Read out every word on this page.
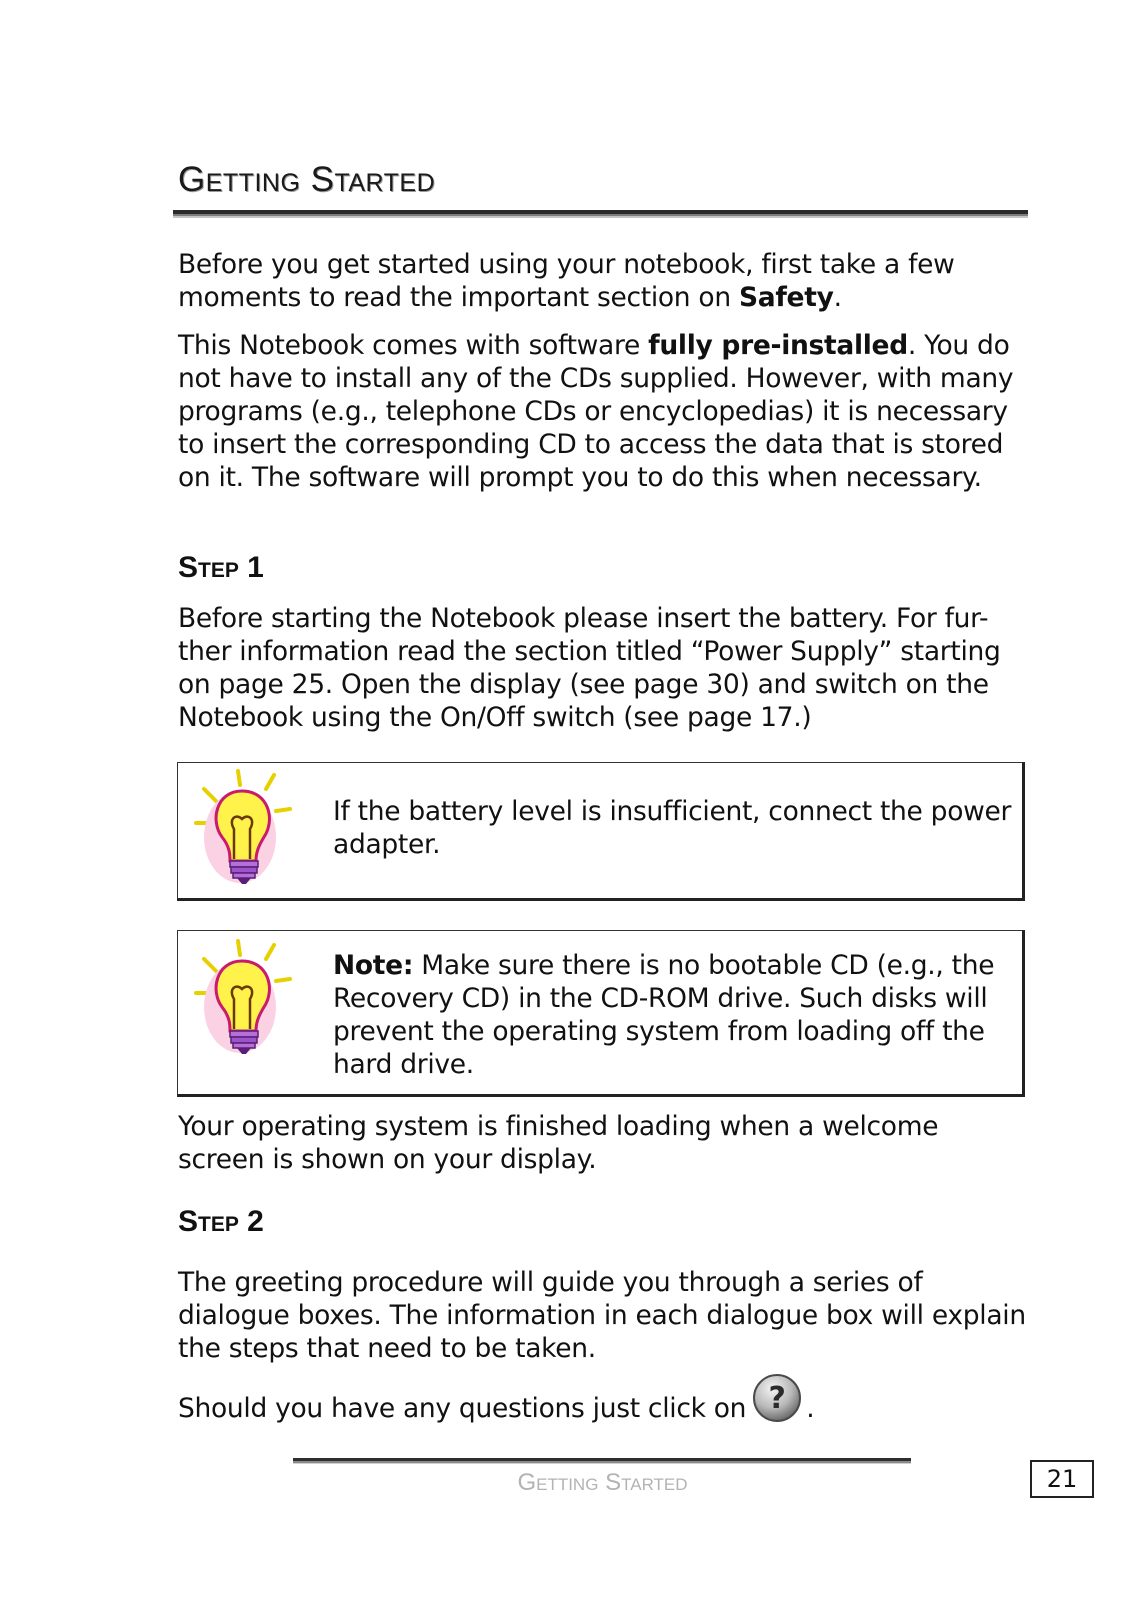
Getting Started

Before you get started using your notebook, first take a few moments to read the important section on Safety.

This Notebook comes with software fully pre-installed. You do not have to install any of the CDs supplied. However, with many programs (e.g., telephone CDs or encyclopedias) it is necessary to insert the corresponding CD to access the data that is stored on it. The software will prompt you to do this when necessary.

Step 1

Before starting the Notebook please insert the battery. For fur-ther information read the section titled “Power Supply” starting on page 25. Open the display (see page 30) and switch on the Notebook using the On/Off switch (see page 17.)

If the battery level is insufficient, connect the power adapter.

Note: Make sure there is no bootable CD (e.g., the Recovery CD) in the CD-ROM drive. Such disks will prevent the operating system from loading off the hard drive.

Your operating system is finished loading when a welcome screen is shown on your display.

Step 2

The greeting procedure will guide you through a series of dialogue boxes. The information in each dialogue box will explain the steps that need to be taken.

Should you have any questions just click on ? .

Getting Started	21
